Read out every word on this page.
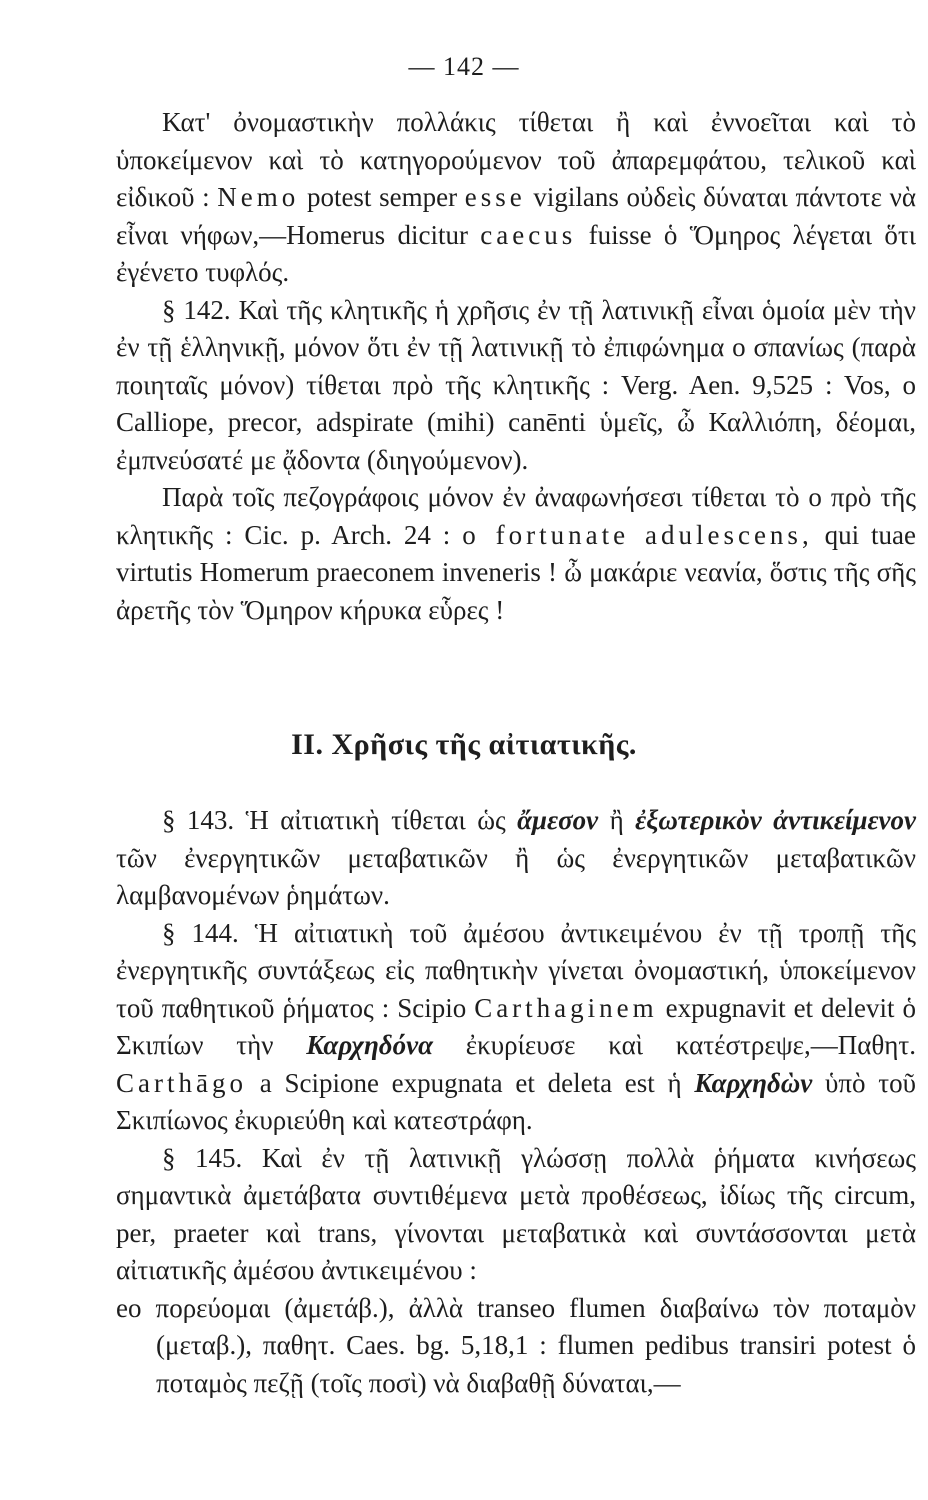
— 142 —

Κατ' ὀνομαστικὴν πολλάκις τίθεται ἢ καὶ ἐννοεῖται καὶ τὸ ὑποκείμενον καὶ τὸ κατηγορούμενον τοῦ ἀπαρεμφάτου, τελικοῦ καὶ εἰδικοῦ : Nemo potest semper esse vigilans οὐδεὶς δύναται πάντοτε νὰ εἶναι νήφων,—Homerus dicitur caecus fuisse ὁ Ὅμηρος λέγεται ὅτι ἐγένετο τυφλός.

§ 142. Καὶ τῆς κλητικῆς ἡ χρῆσις ἐν τῇ λατινικῇ εἶναι ὁμοία μὲν τὴν ἐν τῇ ἑλληνικῇ, μόνον ὅτι ἐν τῇ λατινικῇ τὸ ἐπιφώνημα o σπανίως (παρὰ ποιηταῖς μόνον) τίθεται πρὸ τῆς κλητικῆς : Verg. Aen. 9,525 : Vos, o Calliope, precor, adspirate (mihi) canēnti ὑμεῖς, ὦ Καλλιόπη, δέομαι, ἐμπνεύσατέ με ᾄδοντα (διηγούμενον).

Παρὰ τοῖς πεζογράφοις μόνον ἐν ἀναφωνήσεσι τίθεται τὸ o πρὸ τῆς κλητικῆς : Cic. p. Arch. 24 : o fortunate adulescens, qui tuae virtutis Homerum praeconem inveneris ! ὦ μακάριε νεανία, ὅστις τῆς σῆς ἀρετῆς τὸν Ὅμηρον κήρυκα εὗρες !

II. Χρῆσις τῆς αἰτιατικῆς.

§ 143. Ἡ αἰτιατικὴ τίθεται ὡς ἄμεσον ἢ ἐξωτερικὸν ἀντικείμενον τῶν ἐνεργητικῶν μεταβατικῶν ἢ ὡς ἐνεργητικῶν μεταβατικῶν λαμβανομένων ῥημάτων.

§ 144. Ἡ αἰτιατικὴ τοῦ ἀμέσου ἀντικειμένου ἐν τῇ τροπῇ τῆς ἐνεργητικῆς συντάξεως εἰς παθητικὴν γίνεται ὀνομαστική, ὑποκείμενον τοῦ παθητικοῦ ῥήματος : Scipio Carthaginem expugnavit et delevit ὁ Σκιπίων τὴν Καρχηδόνα ἐκυρίευσε καὶ κατέστρεψε,—Παθητ. Carthāgo a Scipione expugnata et deleta est ἡ Καρχηδὼν ὑπὸ τοῦ Σκιπίωνος ἐκυριεύθη καὶ κατεστράφη.

§ 145. Καὶ ἐν τῇ λατινικῇ γλώσσῃ πολλὰ ῥήματα κινήσεως σημαντικὰ ἀμετάβατα συντιθέμενα μετὰ προθέσεως, ἰδίως τῆς circum, per, praeter καὶ trans, γίνονται μεταβατικὰ καὶ συντάσσονται μετὰ αἰτιατικῆς ἀμέσου ἀντικειμένου :

eo πορεύομαι (ἀμετάβ.), ἀλλὰ transeo flumen διαβαίνω τὸν ποταμὸν (μεταβ.), παθητ. Caes. bg. 5,18,1 : flumen pedibus transiri potest ὁ ποταμὸς πεζῇ (τοῖς ποσὶ) νὰ διαβαθῇ δύναται,—
